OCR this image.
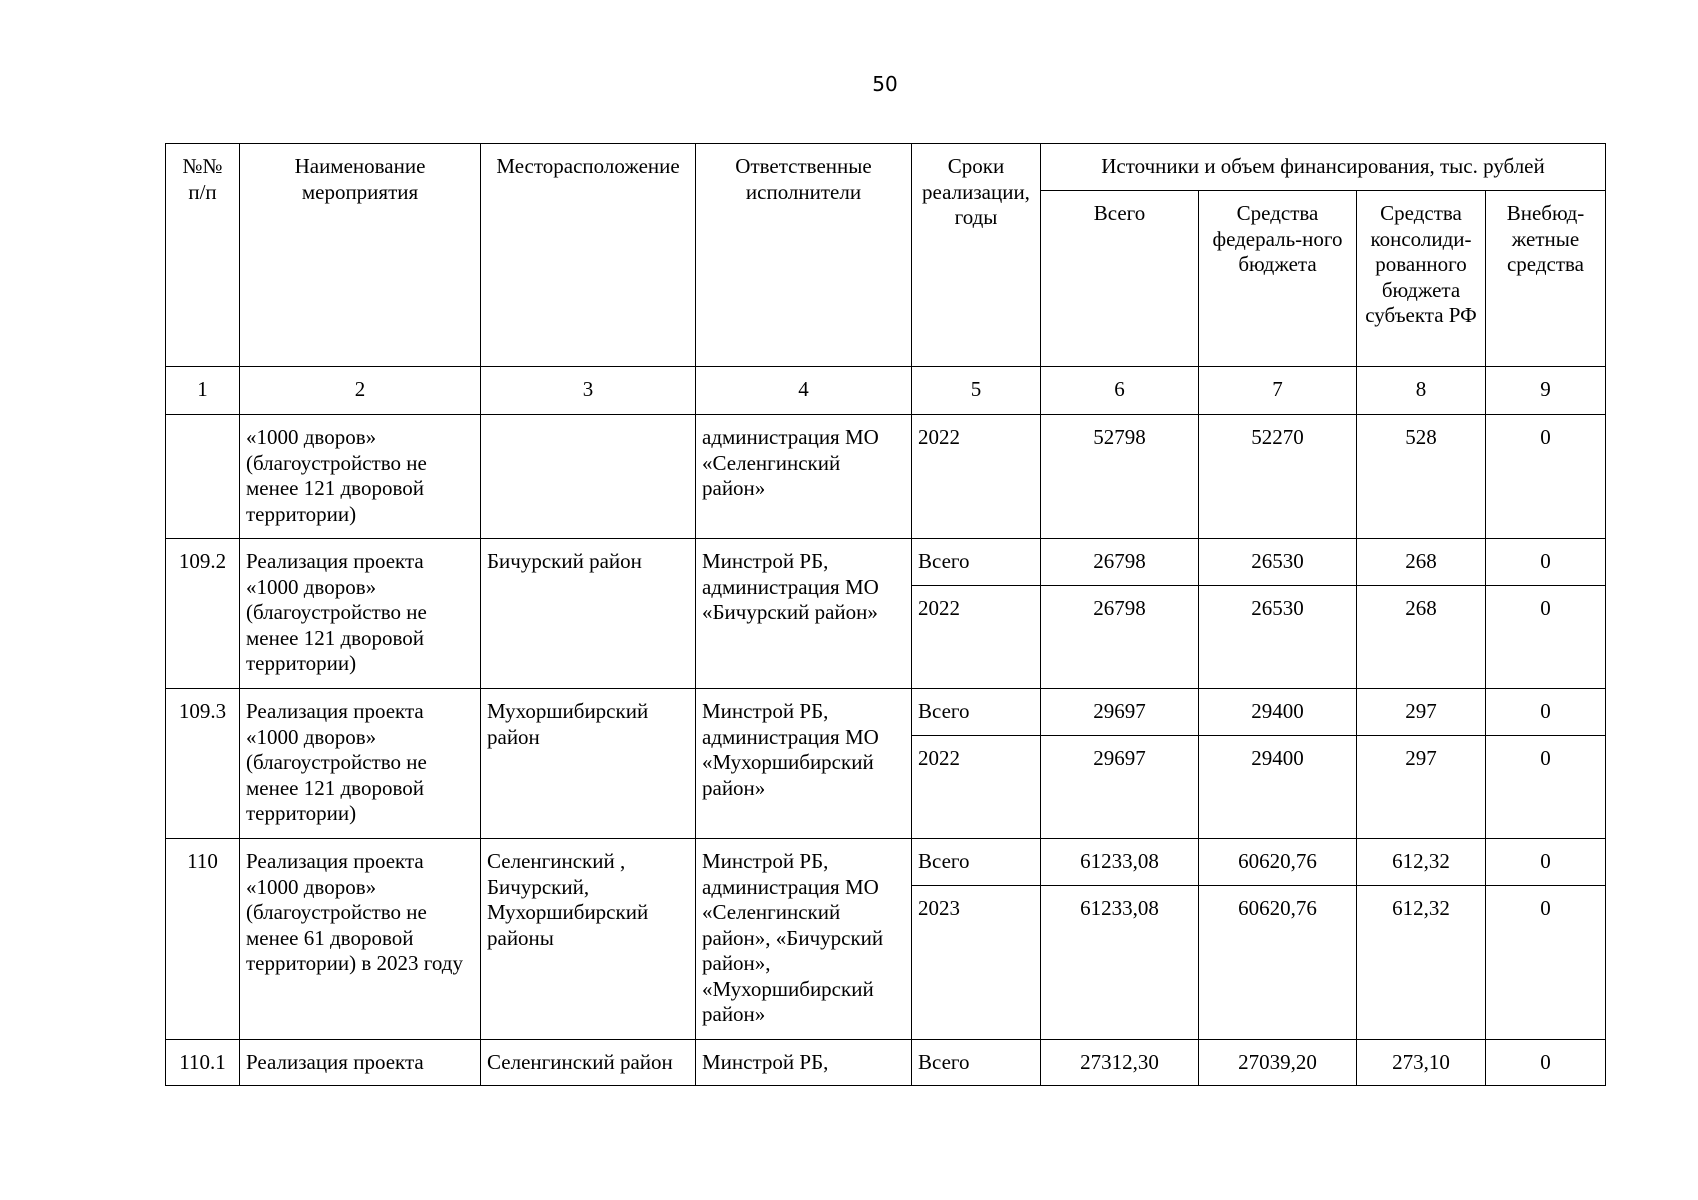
50
№№ п/п	Наименование мероприятия	Месторасположение	Ответственные исполнители	Сроки реализации, годы	Источники и объем финансирования, тыс. рублей			
					Всего	Средства федераль-ного бюджета	Средства консолиди-рованного бюджета субъекта РФ	Внебюд-жетные средства
1	2	3	4	5	6	7	8	9
	«1000 дворов» (благоустройство не менее 121 дворовой территории)		администрация МО «Селенгинский район»	2022	52798	52270	528	0
109.2	Реализация проекта «1000 дворов» (благоустройство не менее 121 дворовой территории)	Бичурский район	Минстрой РБ, администрация МО «Бичурский район»	Всего	26798	26530	268	0
				2022	26798	26530	268	0
109.3	Реализация проекта «1000 дворов» (благоустройство не менее 121 дворовой территории)	Мухоршибирский район	Минстрой РБ, администрация МО «Мухоршибирский район»	Всего	29697	29400	297	0
				2022	29697	29400	297	0
110	Реализация проекта «1000 дворов» (благоустройство не менее 61 дворовой территории) в 2023 году	Селенгинский , Бичурский, Мухоршибирский районы	Минстрой РБ, администрация МО «Селенгинский район», «Бичурский район», «Мухоршибирский район»	Всего	61233,08	60620,76	612,32	0
				2023	61233,08	60620,76	612,32	0
110.1	Реализация проекта	Селенгинский район	Минстрой РБ,	Всего	27312,30	27039,20	273,10	0
